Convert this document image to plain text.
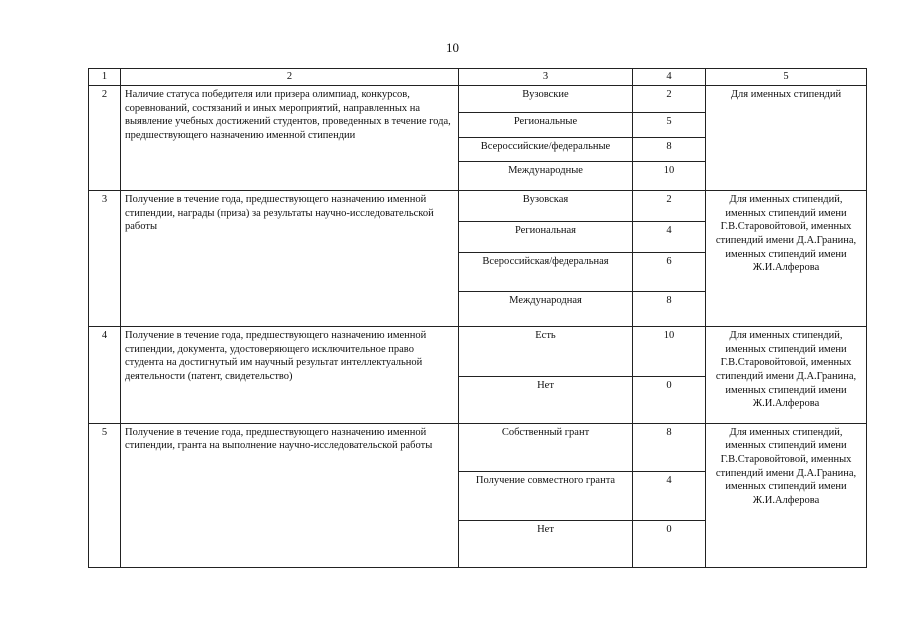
10
1	2	3	4	5
2	Наличие статуса победителя или призера олимпиад, конкурсов, соревнований, состязаний и иных мероприятий, направленных на выявление учебных достижений студентов, проведенных в течение года, предшествующего назначению именной стипендии	Вузовские	2	Для именных стипендий
		Региональные	5	
		Всероссийские/федеральные	8	
		Международные	10	
3	Получение в течение года, предшествующего назначению именной стипендии, награды (приза) за результаты научно-исследовательской работы	Вузовская	2	Для именных стипендий, именных стипендий имени Г.В.Старовойтовой, именных стипендий имени Д.А.Гранина, именных стипендий имени Ж.И.Алферова
		Региональная	4	
		Всероссийская/федеральная	6	
		Международная	8	
4	Получение в течение года, предшествующего назначению именной стипендии, документа, удостоверяющего исключительное право студента на достигнутый им научный результат интеллектуальной деятельности (патент, свидетельство)	Есть	10	Для именных стипендий, именных стипендий имени Г.В.Старовойтовой, именных стипендий имени Д.А.Гранина, именных стипендий имени Ж.И.Алферова
		Нет	0	
5	Получение в течение года, предшествующего назначению именной стипендии, гранта на выполнение научно-исследовательской работы	Собственный грант	8	Для именных стипендий, именных стипендий имени Г.В.Старовойтовой, именных стипендий имени Д.А.Гранина, именных стипендий имени Ж.И.Алферова
		Получение совместного гранта	4	
		Нет	0	
